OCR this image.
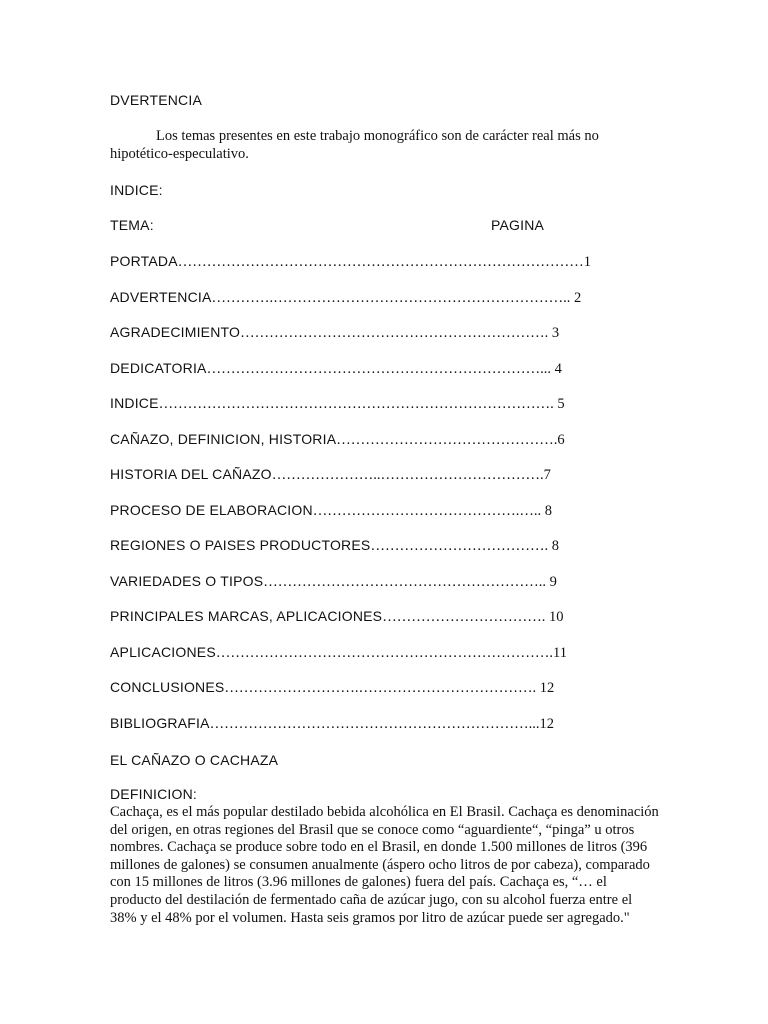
DVERTENCIA
Los temas presentes en este trabajo monográfico son de carácter real más no hipotético-especulativo.
INDICE:
TEMA:	PAGINA
PORTADA…………………………………………………………………………1
ADVERTENCIA………….…………………………………………………….. 2
AGRADECIMIENTO………………………………………………………. 3
DEDICATORIA……………………………………………………………... 4
INDICE………………………………………………………………………. 5
CAÑAZO, DEFINICION, HISTORIA……………………………………….6
HISTORIA DEL CAÑAZO…………………..…………………………….7
PROCESO DE ELABORACION…………………………………….….. 8
REGIONES O PAISES PRODUCTORES………………………………. 8
VARIEDADES O TIPOS………………………………………………….. 9
PRINCIPALES MARCAS, APLICACIONES……………………………. 10
APLICACIONES…………………………………………………………….11
CONCLUSIONES……………………….………………………………. 12
BIBLIOGRAFIA…………………………………………………………...12
EL CAÑAZO O CACHAZA
DEFINICION:
Cachaça, es el más popular destilado bebida alcohólica en El Brasil. Cachaça es denominación del origen, en otras regiones del Brasil que se conoce como “aguardiente“, “pinga” u otros nombres. Cachaça se produce sobre todo en el Brasil, en donde 1.500 millones de litros (396 millones de galones) se consumen anualmente (áspero ocho litros de por cabeza), comparado con 15 millones de litros (3.96 millones de galones) fuera del país. Cachaça es, “… el producto del destilación de fermentado caña de azúcar jugo, con su alcohol fuerza entre el 38% y el 48% por el volumen. Hasta seis gramos por litro de azúcar puede ser agregado."
